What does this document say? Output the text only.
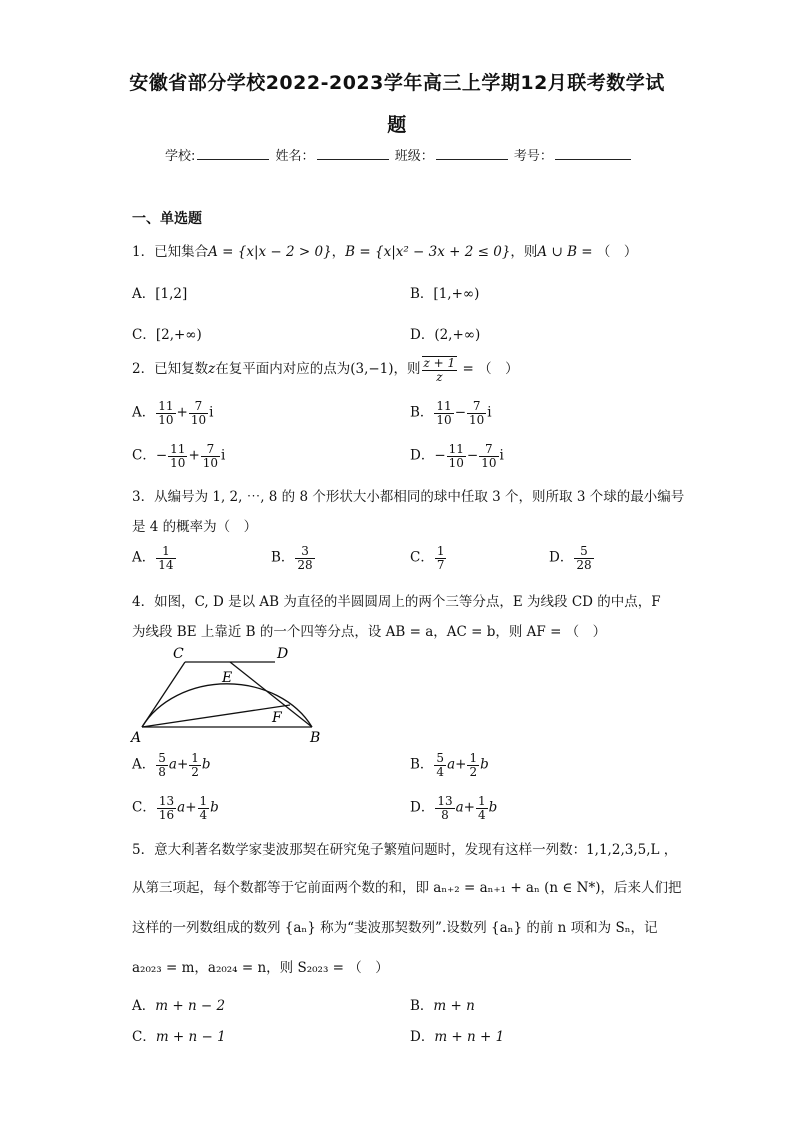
安徽省部分学校2022-2023学年高三上学期12月联考数学试
题
学校:	姓名：	班级：	考号：
一、单选题
1．已知集合A = {x|x − 2 > 0}，B = {x|x² − 3x + 2 ≤ 0}，则A ∪ B = （　）
A．[1,2]	B．[1,+∞)
C．[2,+∞)	D．(2,+∞)
2．已知复数z在复平面内对应的点为(3,−1)，则 $\frac{z + 1}{z}$ = （　）
A． $\frac{11}{10} + \frac{7}{10}$ i	B． $\frac{11}{10} - \frac{7}{10}$ i
C．− $\frac{11}{10} + \frac{7}{10}$ i	D．− $\frac{11}{10} - \frac{7}{10}$ i
3．从编号为 1, 2, ⋯, 8 的 8 个形状大小都相同的球中任取 3 个，则所取 3 个球的最小编号
是 4 的概率为（　）
A． $\frac{1}{14}$	B． $\frac{3}{28}$	C． $\frac{1}{7}$	D． $\frac{5}{28}$
4．如图，C, D 是以 AB 为直径的半圆圆周上的两个三等分点，E 为线段 CD 的中点，F
为线段 BE 上靠近 B 的一个四等分点，设 AB = a，AC = b，则 AF = （　）
C	D
E
F
A	B
A． $\frac{5}{8} a+ \frac{1}{2}$ b	B． $\frac{5}{4} a+ \frac{1}{2}$ b
C． $\frac{13}{16} a+ \frac{1}{4}$ b	D． $\frac{13}{8} a+ \frac{1}{4}$ b
5．意大利著名数学家斐波那契在研究兔子繁殖问题时，发现有这样一列数：1,1,2,3,5,L ，
从第三项起，每个数都等于它前面两个数的和，即 aₙ₊₂ = aₙ₊₁ + aₙ (n ∈ N*)，后来人们把
这样的一列数组成的数列 {aₙ} 称为“斐波那契数列”.设数列 {aₙ} 的前 n 项和为 Sₙ，记
a₂₀₂₃ = m，a₂₀₂₄ = n，则 S₂₀₂₃ = （　）
A．m + n − 2	B．m + n
C．m + n − 1	D．m + n + 1
